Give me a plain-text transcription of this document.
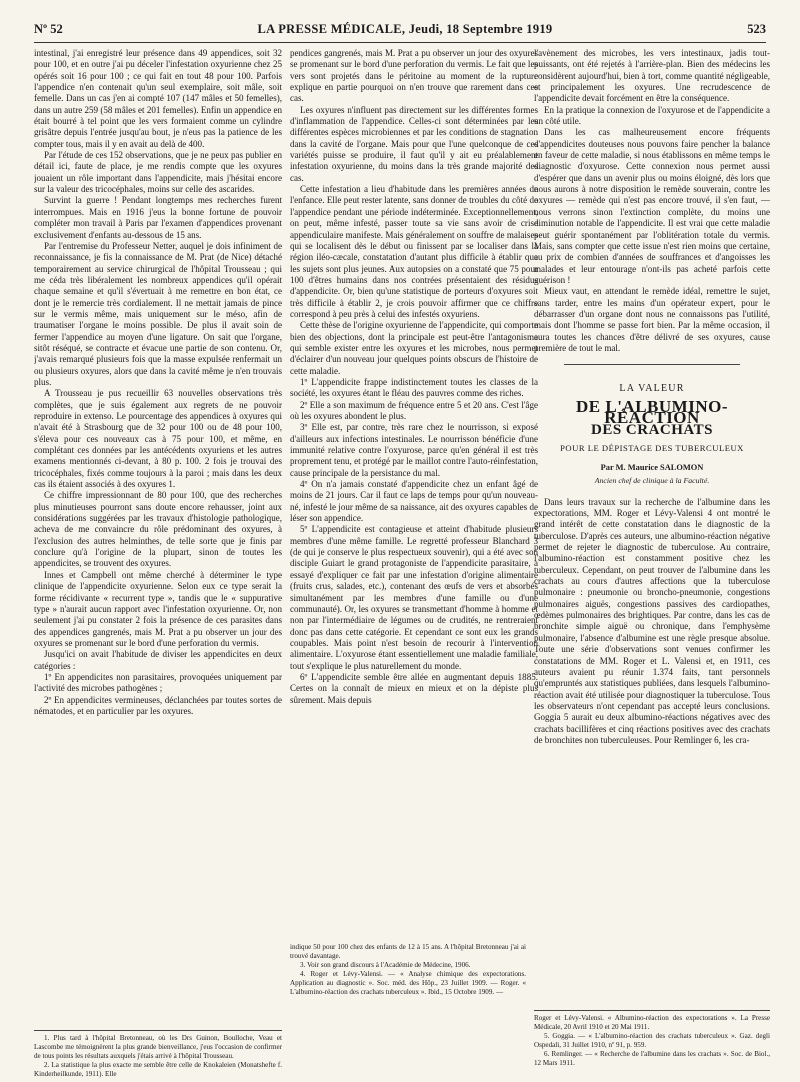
Nº 52	LA PRESSE MÉDICALE, Jeudi, 18 Septembre 1919	523

intestinal, j'ai enregistré leur présence dans 49 appendices, soit 32 pour 100, et en outre j'ai pu déceler l'infestation oxyurienne chez 25 opérés soit 16 pour 100 ; ce qui fait en tout 48 pour 100. Parfois l'appendice n'en contenait qu'un seul exemplaire, soit mâle, soit femelle. Dans un cas j'en ai compté 107 (147 mâles et 50 femelles), dans un autre 259 (58 mâles et 201 femelles). Enfin un appendice en était bourré à tel point que les vers formaient comme un cylindre grisâtre depuis l'entrée jusqu'au bout, je n'eus pas la patience de les compter tous, mais il y en avait au delà de 400.

Par l'étude de ces 152 observations, que je ne peux pas publier en détail ici, faute de place, je me rendis compte que les oxyures jouaient un rôle important dans l'appendicite, mais j'hésitai encore sur la valeur des tricocéphales, moins sur celle des ascarides.

Survint la guerre ! Pendant longtemps mes recherches furent interrompues. Mais en 1916 j'eus la bonne fortune de pouvoir compléter mon travail à Paris par l'examen d'appendices provenant exclusivement d'enfants au-dessous de 15 ans.

Par l'entremise du Professeur Netter, auquel je dois infiniment de reconnaissance, je fis la connaissance de M. Prat (de Nice) détaché temporairement au service chirurgical de l'hôpital Trousseau ; qui me céda très libéralement les nombreux appendices qu'il opérait chaque semaine et qu'il s'évertuait à me remettre en bon état, ce dont je le remercie très cordialement. Il ne mettait jamais de pince sur le vermis même, mais uniquement sur le méso, afin de traumatiser l'organe le moins possible. De plus il avait soin de fermer l'appendice au moyen d'une ligature. On sait que l'organe, sitôt réséqué, se contracte et évacue une partie de son contenu. Or, j'avais remarqué plusieurs fois que la masse expulsée renfermait un ou plusieurs oxyures, alors que dans la cavité même je n'en trouvais plus.

A Trousseau je pus recueillir 63 nouvelles observations très complètes, que je suis également aux regrets de ne pouvoir reproduire in extenso. Le pourcentage des appendices à oxyures qui n'avait été à Strasbourg que de 32 pour 100 ou de 48 pour 100, s'éleva pour ces nouveaux cas à 75 pour 100, et même, en complétant ces données par les antécédents oxyuriens et les autres examens mentionnés ci-devant, à 80 p. 100. 2 fois je trouvai des tricocéphales, fixés comme toujours à la paroi ; mais dans les deux cas ils étaient associés à des oxyures 1.

Ce chiffre impressionnant de 80 pour 100, que des recherches plus minutieuses pourront sans doute encore rehausser, joint aux considérations suggérées par les travaux d'histologie pathologique, acheva de me convaincre du rôle prédominant des oxyures, à l'exclusion des autres helminthes, de telle sorte que je finis par conclure qu'à l'origine de la plupart, sinon de toutes les appendicites, se trouvent des oxyures.

Innes et Campbell ont même cherché à déterminer le type clinique de l'appendicite oxyurienne. Selon eux ce type serait la forme récidivante « recurrent type », tandis que le « suppurative type » n'aurait aucun rapport avec l'infestation oxyurienne. Or, non seulement j'ai pu constater 2 fois la présence de ces parasites dans des appendices gangrenés, mais M. Prat a pu observer un jour des oxyures se promenant sur le bord d'une perforation du vermis.

Jusqu'ici on avait l'habitude de diviser les appendicites en deux catégories :

1º En appendicites non parasitaires, provoquées uniquement par l'activité des microbes pathogènes ;

2º En appendicites vermineuses, déclanchées par toutes sortes de nématodes, et en particulier par les oxyures.

pendices gangrenés, mais M. Prat a pu observer un jour des oxyures se promenant sur le bord d'une perforation du vermis. Le fait que les vers sont projetés dans le péritoine au moment de la rupture explique en partie pourquoi on n'en trouve que rarement dans ces cas.

Les oxyures n'influent pas directement sur les différentes formes d'inflammation de l'appendice. Celles-ci sont déterminées par les différentes espèces microbiennes et par les conditions de stagnation dans la cavité de l'organe. Mais pour que l'une quelconque de ces variétés puisse se produire, il faut qu'il y ait eu préalablement infestation oxyurienne, du moins dans la très grande majorité des cas.

Cette infestation a lieu d'habitude dans les premières années de l'enfance. Elle peut rester latente, sans donner de troubles du côté de l'appendice pendant une période indéterminée. Exceptionnellement, on peut, même infesté, passer toute sa vie sans avoir de crise appendiculaire manifeste. Mais généralement on souffre de malaises qui se localisent dès le début ou finissent par se localiser dans la région iléo-cæcale, constatation d'autant plus difficile à établir que les sujets sont plus jeunes. Aux autopsies on a constaté que 75 pour 100 d'êtres humains dans nos contrées présentaient des résidus d'appendicite. Or, bien qu'une statistique de porteurs d'oxyures soit très difficile à établir 2, je crois pouvoir affirmer que ce chiffre correspond à peu près à celui des infestés oxyuriens.

Cette thèse de l'origine oxyurienne de l'appendicite, qui comporte bien des objections, dont la principale est peut-être l'antagonisme qui semble exister entre les oxyures et les microbes, nous permet d'éclairer d'un nouveau jour quelques points obscurs de l'histoire de cette maladie.

1º L'appendicite frappe indistinctement toutes les classes de la société, les oxyures étant le fléau des pauvres comme des riches.

2º Elle a son maximum de fréquence entre 5 et 20 ans. C'est l'âge où les oxyures abondent le plus.

3º Elle est, par contre, très rare chez le nourrisson, si exposé d'ailleurs aux infections intestinales. Le nourrisson bénéficie d'une immunité relative contre l'oxyurose, parce qu'en général il est très proprement tenu, et protégé par le maillot contre l'auto-réinfestation, cause principale de la persistance du mal.

4º On n'a jamais constaté d'appendicite chez un enfant âgé de moins de 21 jours. Car il faut ce laps de temps pour qu'un nouveau-né, infesté le jour même de sa naissance, ait des oxyures capables de léser son appendice.

5º L'appendicite est contagieuse et atteint d'habitude plusieurs membres d'une même famille. Le regretté professeur Blanchard 3 (de qui je conserve le plus respectueux souvenir), qui a été avec son disciple Guiart le grand protagoniste de l'appendicite parasitaire, a essayé d'expliquer ce fait par une infestation d'origine alimentaire (fruits crus, salades, etc.), contenant des œufs de vers et absorbés simultanément par les membres d'une famille ou d'une communauté). Or, les oxyures se transmettant d'homme à homme et non par l'intermédiaire de légumes ou de crudités, ne rentreraient donc pas dans cette catégorie. Et cependant ce sont eux les grands coupables. Mais point n'est besoin de recourir à l'intervention alimentaire. L'oxyurose étant essentiellement une maladie familiale, tout s'explique le plus naturellement du monde.

6º L'appendicite semble être allée en augmentant depuis 1885. Certes on la connaît de mieux en mieux et on la dépiste plus sûrement. Mais depuis

l'avènement des microbes, les vers intestinaux, jadis tout-puissants, ont été rejetés à l'arrière-plan. Bien des médecins les considèrent aujourd'hui, bien à tort, comme quantité négligeable, et principalement les oxyures. Une recrudescence de l'appendicite devait forcément en être la conséquence.

En la pratique la connexion de l'oxyurose et de l'appendicite a un côté utile.

Dans les cas malheureusement encore fréquents d'appendicites douteuses nous pouvons faire pencher la balance en faveur de cette maladie, si nous établissons en même temps le diagnostic d'oxyurose. Cette connexion nous permet aussi d'espérer que dans un avenir plus ou moins éloigné, dès lors que nous aurons à notre disposition le remède souverain, contre les oxyures — remède qui n'est pas encore trouvé, il s'en faut, — nous verrons sinon l'extinction complète, du moins une diminution notable de l'appendicite. Il est vrai que cette maladie peut guérir spontanément par l'oblitération totale du vermis. Mais, sans compter que cette issue n'est rien moins que certaine, au prix de combien d'années de souffrances et d'angoisses les malades et leur entourage n'ont-ils pas acheté parfois cette guérison !

Mieux vaut, en attendant le remède idéal, remettre le sujet, sans tarder, entre les mains d'un opérateur expert, pour le débarrasser d'un organe dont nous ne connaissons pas l'utilité, mais dont l'homme se passe fort bien. Par la même occasion, il aura toutes les chances d'être délivré de ses oxyures, cause première de tout le mal.

LA VALEUR
DE L'ALBUMINO-RÉACTION
DES CRACHATS
POUR LE DÉPISTAGE DES TUBERCULEUX
Par M. Maurice SALOMON
Ancien chef de clinique à la Faculté.

Dans leurs travaux sur la recherche de l'albumine dans les expectorations, MM. Roger et Lévy-Valensi 4 ont montré le grand intérêt de cette constatation dans le diagnostic de la tuberculose. D'après ces auteurs, une albumino-réaction négative permet de rejeter le diagnostic de tuberculose. Au contraire, l'albumino-réaction est constamment positive chez les tuberculeux. Cependant, on peut trouver de l'albumine dans les crachats au cours d'autres affections que la tuberculose pulmonaire : pneumonie ou broncho-pneumonie, congestions pulmonaires aiguës, congestions passives des cardiopathes, œdèmes pulmonaires des brightiques. Par contre, dans les cas de bronchite simple aiguë ou chronique, dans l'emphysème pulmonaire, l'absence d'albumine est une règle presque absolue. Toute une série d'observations sont venues confirmer les constatations de MM. Roger et L. Valensi et, en 1911, ces auteurs avaient pu réunir 1.374 faits, tant personnels qu'empruntés aux statistiques publiées, dans lesquels l'albumino-réaction avait été utilisée pour diagnostiquer la tuberculose. Tous les observateurs n'ont cependant pas accepté leurs conclusions. Goggia 5 aurait eu deux albumino-réactions négatives avec des crachats bacillifères et cinq réactions positives avec des crachats de bronchites non tuberculeuses. Pour Remlinger 6, les cra-

1. Plus tard à l'hôpital Bretonneau, où les Drs Guinon, Boulloche, Veau et Lascombe me témoignèrent la plus grande bienveillance, j'eus l'occasion de confirmer de tous points les résultats auxquels j'étais arrivé à l'hôpital Trousseau.

2. La statistique la plus exacte me semble être celle de Knokaleien (Monatshefte f. Kinderheilkunde, 1911). Elle

indique 50 pour 100 chez des enfants de 12 à 15 ans. A l'hôpital Bretonneau j'ai ai trouvé davantage.

3. Voir son grand discours à l'Académie de Médecine, 1906.

4. Roger et Lévy-Valensi. — « Analyse chimique des expectorations. Application au diagnostic ». Soc. méd. des Hôp., 23 Juillet 1909. — Roger. « L'albumino-réaction des crachats tuberculeux ». Ibid., 15 Octobre 1909. —

Roger et Lévy-Valensi. « Albumino-réaction des expectorations ». La Presse Médicale, 20 Avril 1910 et 20 Mai 1911.

5. Goggia. — « L'albumino-réaction des crachats tuberculeux ». Gaz. degli Ospedali, 31 Juillet 1910, nº 91, p. 959.

6. Remlinger. — « Recherche de l'albumine dans les crachats ». Soc. de Biol., 12 Mars 1911.
